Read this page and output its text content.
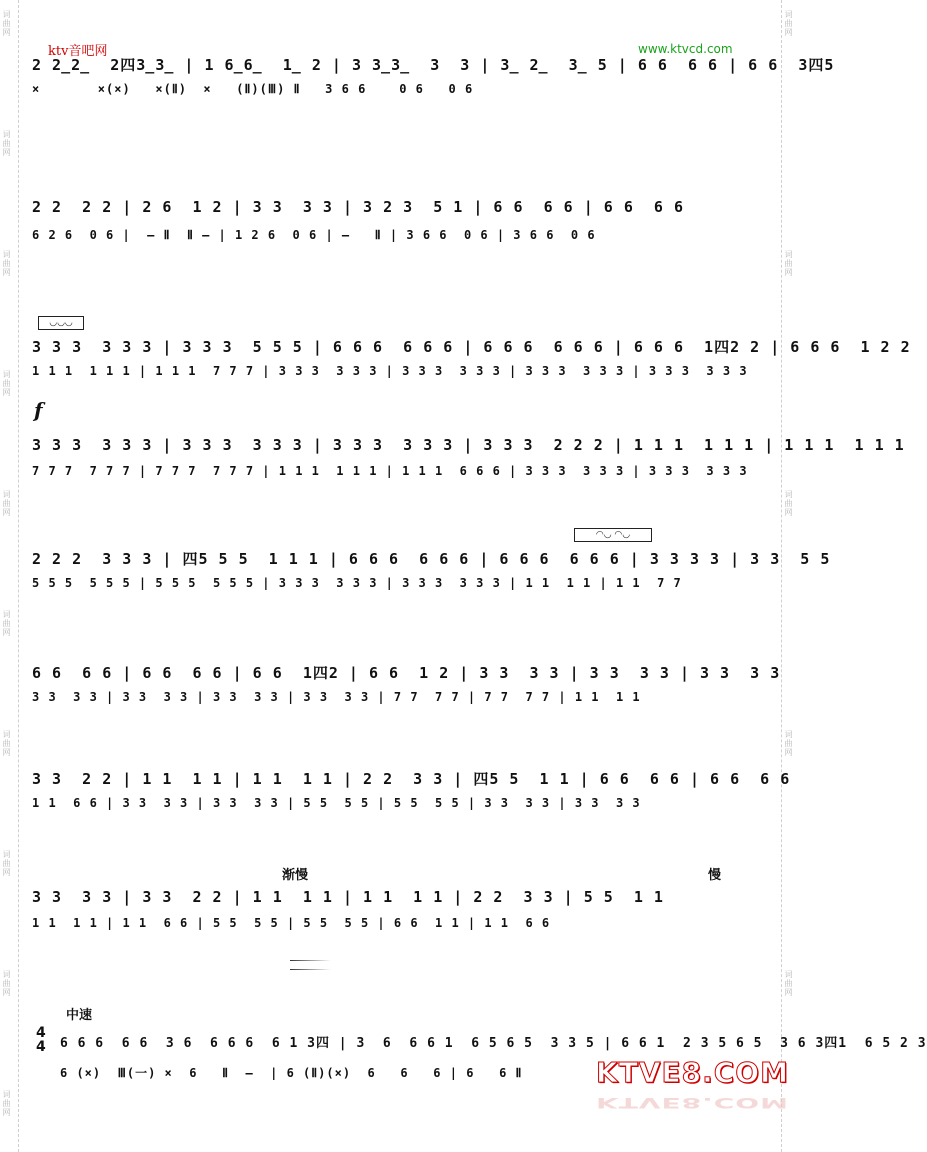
词曲网
词曲网
词曲网
词曲网
词曲网
词曲网
词曲网
词曲网
词曲网
词曲网
词曲网
词曲网
词曲网
词曲网
词曲网
ktv音吧网	www.ktvcd.com
2 2̲2̲  2四3̲3̲ | 1 6̲6̲  1̲ 2 | 3 3̲3̲  3  3 | 3̲ 2̲  3̲ 5 | 6 6  6 6 | 6 6  3四5
×       ×(×)   ×(Ⅱ)  ×   (Ⅱ)(Ⅲ) Ⅱ   3 6 6    0 6   0 6
2 2  2 2 | 2 6  1 2 | 3 3  3 3 | 3 2 3  5 1 | 6 6  6 6 | 6 6  6 6
6 2 6  0 6 |  — Ⅱ  Ⅱ — | 1 2 6  0 6 | —   Ⅱ | 3 6 6  0 6 | 3 6 6  0 6
◡◡◡
3 3 3  3 3 3 | 3 3 3  5 5 5 | 6 6 6  6 6 6 | 6 6 6  6 6 6 | 6 6 6  1四2 2 | 6 6 6  1 2 2
1 1 1  1 1 1 | 1 1 1  7 7 7 | 3 3 3  3 3 3 | 3 3 3  3 3 3 | 3 3 3  3 3 3 | 3 3 3  3 3 3
f
3 3 3  3 3 3 | 3 3 3  3 3 3 | 3 3 3  3 3 3 | 3 3 3  2 2 2 | 1 1 1  1 1 1 | 1 1 1  1 1 1
7 7 7  7 7 7 | 7 7 7  7 7 7 | 1 1 1  1 1 1 | 1 1 1  6 6 6 | 3 3 3  3 3 3 | 3 3 3  3 3 3
◠◡ ◠◡
2 2 2  3 3 3 | 四5 5 5  1 1 1 | 6 6 6  6 6 6 | 6 6 6  6 6 6 | 3 3 3 3 | 3 3  5 5
5 5 5  5 5 5 | 5 5 5  5 5 5 | 3 3 3  3 3 3 | 3 3 3  3 3 3 | 1 1  1 1 | 1 1  7 7
6 6  6 6 | 6 6  6 6 | 6 6  1四2 | 6 6  1 2 | 3 3  3 3 | 3 3  3 3 | 3 3  3 3
3 3  3 3 | 3 3  3 3 | 3 3  3 3 | 3 3  3 3 | 7 7  7 7 | 7 7  7 7 | 1 1  1 1
3 3  2 2 | 1 1  1 1 | 1 1  1 1 | 2 2  3 3 | 四5 5  1 1 | 6 6  6 6 | 6 6  6 6
1 1  6 6 | 3 3  3 3 | 3 3  3 3 | 5 5  5 5 | 5 5  5 5 | 3 3  3 3 | 3 3  3 3
渐慢	慢
3 3  3 3 | 3 3  2 2 | 1 1  1 1 | 1 1  1 1 | 2 2  3 3 | 5 5  1 1
1 1  1 1 | 1 1  6 6 | 5 5  5 5 | 5 5  5 5 | 6 6  1 1 | 1 1  6 6
中速
4
4 6 6 6  6 6  3 6  6 6 6  6 1 3四 | 3  6  6 6 1  6 5 6 5  3 3 5 | 6 6 1  2 3 5 6 5  3 6 3四1  6 5 2 3
6 (×)  Ⅲ(一) ×  6   Ⅱ  —  | 6 (Ⅱ)(×)  6   6   6 | 6   6 Ⅱ	KTVE8.COM
KTVE8.COM
